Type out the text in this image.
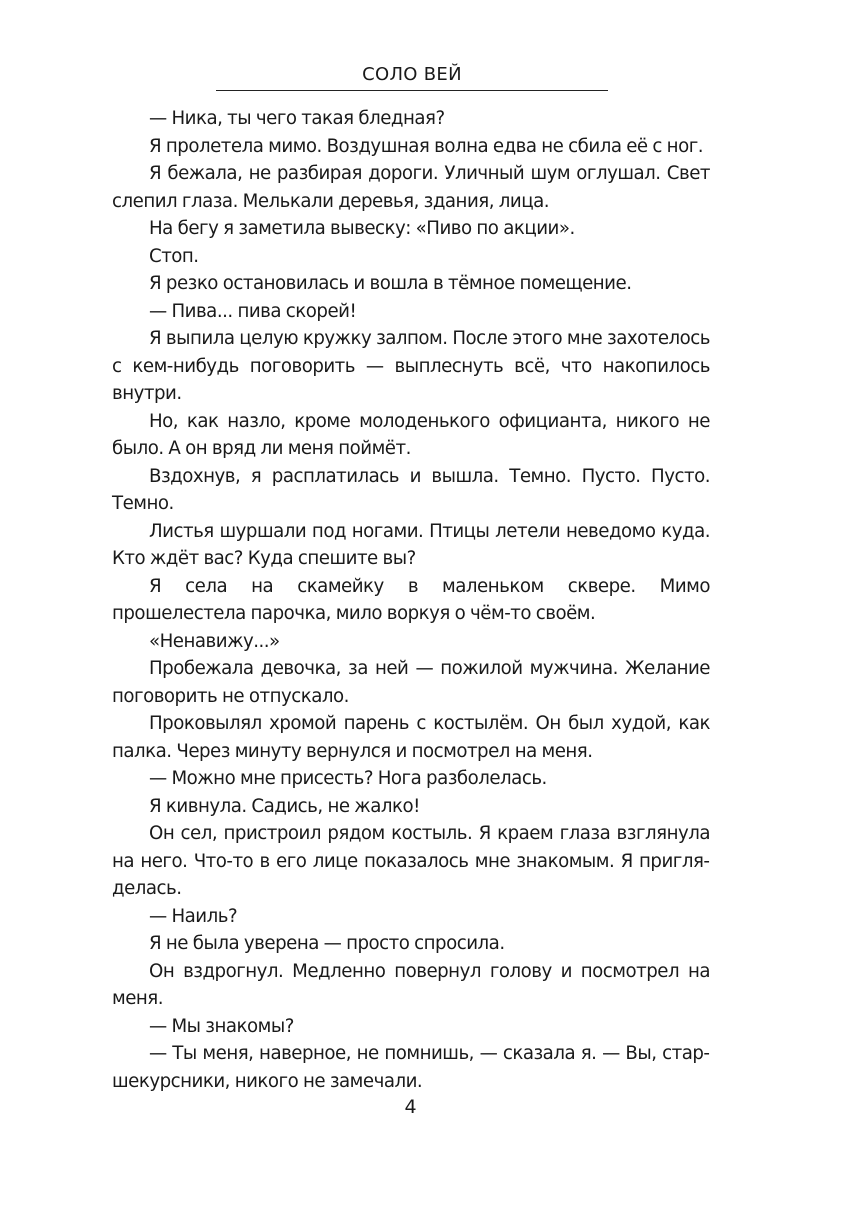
СОЛО ВЕЙ

— Ника, ты чего такая бледная?

Я пролетела мимо. Воздушная волна едва не сбила её с ног.

Я бежала, не разбирая дороги. Уличный шум оглушал. Свет слепил глаза. Мелькали деревья, здания, лица.

На бегу я заметила вывеску: «Пиво по акции».

Стоп.

Я резко остановилась и вошла в тёмное помещение.

— Пива... пива скорей!

Я выпила целую кружку залпом. После этого мне захотелось с кем-нибудь поговорить — выплеснуть всё, что накопилось внутри.

Но, как назло, кроме молоденького официанта, никого не было. А он вряд ли меня поймёт.

Вздохнув, я расплатилась и вышла. Темно. Пусто. Пусто. Темно.

Листья шуршали под ногами. Птицы летели неведомо куда. Кто ждёт вас? Куда спешите вы?

Я села на скамейку в маленьком сквере. Мимо прошелестела парочка, мило воркуя о чём-то своём.

«Ненавижу...»

Пробежала девочка, за ней — пожилой мужчина. Желание поговорить не отпускало.

Проковылял хромой парень с костылём. Он был худой, как палка. Через минуту вернулся и посмотрел на меня.

— Можно мне присесть? Нога разболелась.

Я кивнула. Садись, не жалко!

Он сел, пристроил рядом костыль. Я краем глаза взглянула на него. Что-то в его лице показалось мне знакомым. Я пригляделась.

— Наиль?

Я не была уверена — просто спросила.

Он вздрогнул. Медленно повернул голову и посмотрел на меня.

— Мы знакомы?

— Ты меня, наверное, не помнишь, — сказала я. — Вы, старшекурсники, никого не замечали.

4
